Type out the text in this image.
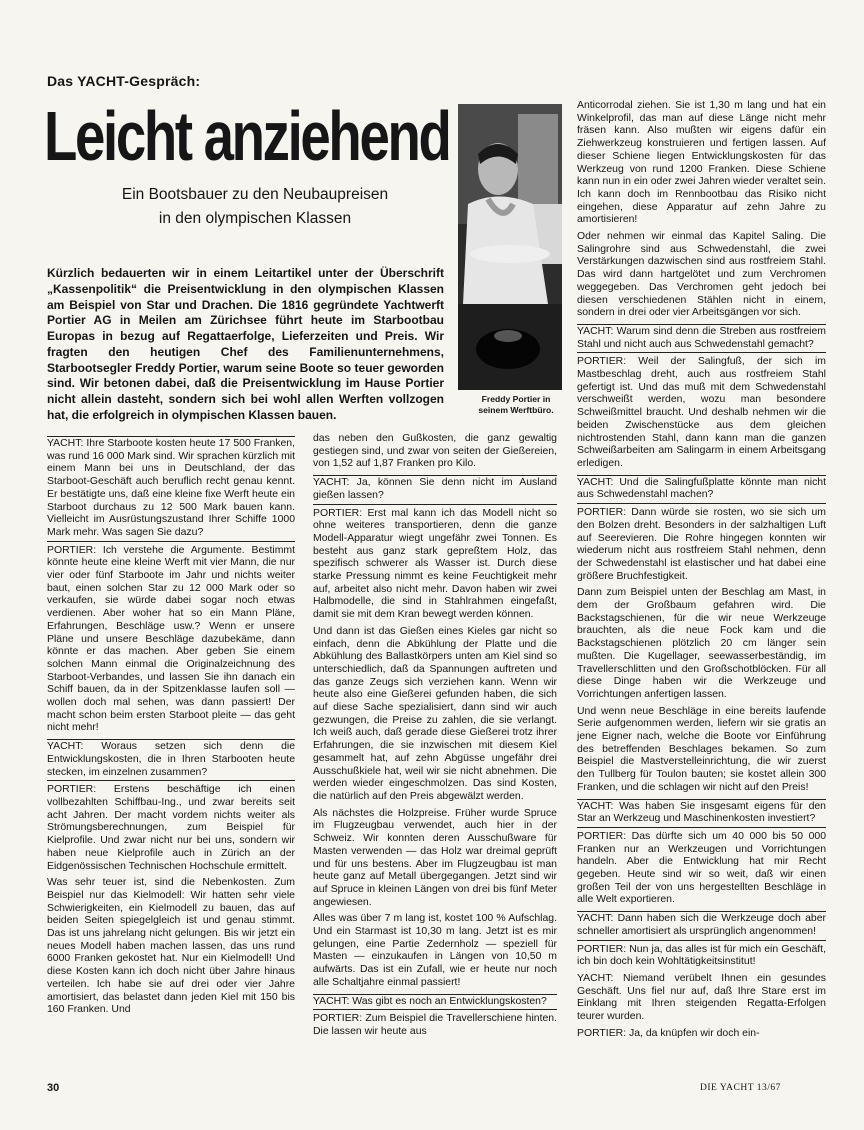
Das YACHT-Gespräch:
Leicht anziehend
Ein Bootsbauer zu den Neubaupreisen
in den olympischen Klassen
Kürzlich bedauerten wir in einem Leitartikel unter der Überschrift „Kassenpolitik“ die Preisentwicklung in den olympischen Klassen am Beispiel von Star und Drachen. Die 1816 gegründete Yachtwerft Portier AG in Meilen am Zürichsee führt heute im Starbootbau Europas in bezug auf Regattaerfolge, Lieferzeiten und Preis. Wir fragten den heutigen Chef des Familienunternehmens, Starbootsegler Freddy Portier, warum seine Boote so teuer geworden sind. Wir betonen dabei, daß die Preisentwicklung im Hause Portier nicht allein dasteht, sondern sich bei wohl allen Werften vollzogen hat, die erfolgreich in olympischen Klassen bauen.
Freddy Portier in
seinem Werftbüro.

YACHT: Ihre Starboote kosten heute 17 500 Franken, was rund 16 000 Mark sind. Wir sprachen kürzlich mit einem Mann bei uns in Deutschland, der das Starboot-Geschäft auch beruflich recht genau kennt. Er bestätigte uns, daß eine kleine fixe Werft heute ein Starboot durchaus zu 12 500 Mark bauen kann. Vielleicht im Ausrüstungszustand Ihrer Schiffe 1000 Mark mehr. Was sagen Sie dazu?

PORTIER: Ich verstehe die Argumente. Bestimmt könnte heute eine kleine Werft mit vier Mann, die nur vier oder fünf Starboote im Jahr und nichts weiter baut, einen solchen Star zu 12 000 Mark oder so verkaufen, sie würde dabei sogar noch etwas verdienen. Aber woher hat so ein Mann Pläne, Erfahrungen, Beschläge usw.? Wenn er unsere Pläne und unsere Beschläge dazubekäme, dann könnte er das machen. Aber geben Sie einem solchen Mann einmal die Originalzeichnung des Starboot-Verbandes, und lassen Sie ihn danach ein Schiff bauen, da in der Spitzenklasse laufen soll — wollen doch mal sehen, was dann passiert! Der macht schon beim ersten Starboot pleite — das geht nicht mehr!

YACHT: Woraus setzen sich denn die Entwicklungskosten, die in Ihren Starbooten heute stecken, im einzelnen zusammen?

PORTIER: Erstens beschäftige ich einen vollbezahlten Schiffbau-Ing., und zwar bereits seit acht Jahren. Der macht vordem nichts weiter als Strömungsberechnungen, zum Beispiel für Kielprofile. Und zwar nicht nur bei uns, sondern wir haben neue Kielprofile auch in Zürich an der Eidgenössischen Technischen Hochschule ermittelt.

Was sehr teuer ist, sind die Nebenkosten. Zum Beispiel nur das Kielmodell: Wir hatten sehr viele Schwierigkeiten, ein Kielmodell zu bauen, das auf beiden Seiten spiegelgleich ist und genau stimmt. Das ist uns jahrelang nicht gelungen. Bis wir jetzt ein neues Modell haben machen lassen, das uns rund 6000 Franken gekostet hat. Nur ein Kielmodell! Und diese Kosten kann ich doch nicht über Jahre hinaus verteilen. Ich habe sie auf drei oder vier Jahre amortisiert, das belastet dann jeden Kiel mit 150 bis 160 Franken. Und

das neben den Gußkosten, die ganz gewaltig gestiegen sind, und zwar von seiten der Gießereien, von 1,52 auf 1,87 Franken pro Kilo.

YACHT: Ja, können Sie denn nicht im Ausland gießen lassen?

PORTIER: Erst mal kann ich das Modell nicht so ohne weiteres transportieren, denn die ganze Modell-Apparatur wiegt ungefähr zwei Tonnen. Es besteht aus ganz stark gepreßtem Holz, das spezifisch schwerer als Wasser ist. Durch diese starke Pressung nimmt es keine Feuchtigkeit mehr auf, arbeitet also nicht mehr. Davon haben wir zwei Halbmodelle, die sind in Stahlrahmen eingefaßt, damit sie mit dem Kran bewegt werden können.

Und dann ist das Gießen eines Kieles gar nicht so einfach, denn die Abkühlung der Platte und die Abkühlung des Ballastkörpers unten am Kiel sind so unterschiedlich, daß da Spannungen auftreten und das ganze Zeugs sich verziehen kann. Wenn wir heute also eine Gießerei gefunden haben, die sich auf diese Sache spezialisiert, dann sind wir auch gezwungen, die Preise zu zahlen, die sie verlangt. Ich weiß auch, daß gerade diese Gießerei trotz ihrer Erfahrungen, die sie inzwischen mit diesem Kiel gesammelt hat, auf zehn Abgüsse ungefähr drei Ausschußkiele hat, weil wir sie nicht abnehmen. Die werden wieder eingeschmolzen. Das sind Kosten, die natürlich auf den Preis abgewälzt werden.

Als nächstes die Holzpreise. Früher wurde Spruce im Flugzeugbau verwendet, auch hier in der Schweiz. Wir konnten deren Ausschußware für Masten verwenden — das Holz war dreimal geprüft und für uns bestens. Aber im Flugzeugbau ist man heute ganz auf Metall übergegangen. Jetzt sind wir auf Spruce in kleinen Längen von drei bis fünf Meter angewiesen.

Alles was über 7 m lang ist, kostet 100 % Aufschlag. Und ein Starmast ist 10,30 m lang. Jetzt ist es mir gelungen, eine Partie Zedernholz — speziell für Masten — einzukaufen in Längen von 10,50 m aufwärts. Das ist ein Zufall, wie er heute nur noch alle Schaltjahre einmal passiert!

YACHT: Was gibt es noch an Entwicklungskosten?

PORTIER: Zum Beispiel die Travellerschiene hinten. Die lassen wir heute aus

Anticorrodal ziehen. Sie ist 1,30 m lang und hat ein Winkelprofil, das man auf diese Länge nicht mehr fräsen kann. Also mußten wir eigens dafür ein Ziehwerkzeug konstruieren und fertigen lassen. Auf dieser Schiene liegen Entwicklungskosten für das Werkzeug von rund 1200 Franken. Diese Schiene kann nun in ein oder zwei Jahren wieder veraltet sein. Ich kann doch im Rennbootbau das Risiko nicht eingehen, diese Apparatur auf zehn Jahre zu amortisieren!

Oder nehmen wir einmal das Kapitel Saling. Die Salingrohre sind aus Schwedenstahl, die zwei Verstärkungen dazwischen sind aus rostfreiem Stahl. Das wird dann hartgelötet und zum Verchromen weggegeben. Das Verchromen geht jedoch bei diesen verschiedenen Stählen nicht in einem, sondern in drei oder vier Arbeitsgängen vor sich.

YACHT: Warum sind denn die Streben aus rostfreiem Stahl und nicht auch aus Schwedenstahl gemacht?

PORTIER: Weil der Salingfuß, der sich im Mastbeschlag dreht, auch aus rostfreiem Stahl gefertigt ist. Und das muß mit dem Schwedenstahl verschweißt werden, wozu man besondere Schweißmittel braucht. Und deshalb nehmen wir die beiden Zwischenstücke aus dem gleichen nichtrostenden Stahl, dann kann man die ganzen Schweißarbeiten am Salingarm in einem Arbeitsgang erledigen.

YACHT: Und die Salingfußplatte könnte man nicht aus Schwedenstahl machen?

PORTIER: Dann würde sie rosten, wo sie sich um den Bolzen dreht. Besonders in der salzhaltigen Luft auf Seerevieren. Die Rohre hingegen konnten wir wiederum nicht aus rostfreiem Stahl nehmen, denn der Schwedenstahl ist elastischer und hat dabei eine größere Bruchfestigkeit.

Dann zum Beispiel unten der Beschlag am Mast, in dem der Großbaum gefahren wird. Die Backstagschienen, für die wir neue Werkzeuge brauchten, als die neue Fock kam und die Backstagschienen plötzlich 20 cm länger sein mußten. Die Kugellager, seewasserbeständig, im Travellerschlitten und den Großschotblöcken. Für all diese Dinge haben wir die Werkzeuge und Vorrichtungen anfertigen lassen.

Und wenn neue Beschläge in eine bereits laufende Serie aufgenommen werden, liefern wir sie gratis an jene Eigner nach, welche die Boote vor Einführung des betreffenden Beschlages bekamen. So zum Beispiel die Mastverstelleinrichtung, die wir zuerst den Tullberg für Toulon bauten; sie kostet allein 300 Franken, und die schlagen wir nicht auf den Preis!

YACHT: Was haben Sie insgesamt eigens für den Star an Werkzeug und Maschinenkosten investiert?

PORTIER: Das dürfte sich um 40 000 bis 50 000 Franken nur an Werkzeugen und Vorrichtungen handeln. Aber die Entwicklung hat mir Recht gegeben. Heute sind wir so weit, daß wir einen großen Teil der von uns hergestellten Beschläge in alle Welt exportieren.

YACHT: Dann haben sich die Werkzeuge doch aber schneller amortisiert als ursprünglich angenommen!

PORTIER: Nun ja, das alles ist für mich ein Geschäft, ich bin doch kein Wohltätigkeitsinstitut!

YACHT: Niemand verübelt Ihnen ein gesundes Geschäft. Uns fiel nur auf, daß Ihre Stare erst im Einklang mit Ihren steigenden Regatta-Erfolgen teurer wurden.

PORTIER: Ja, da knüpfen wir doch ein-

30	DIE YACHT 13/67
